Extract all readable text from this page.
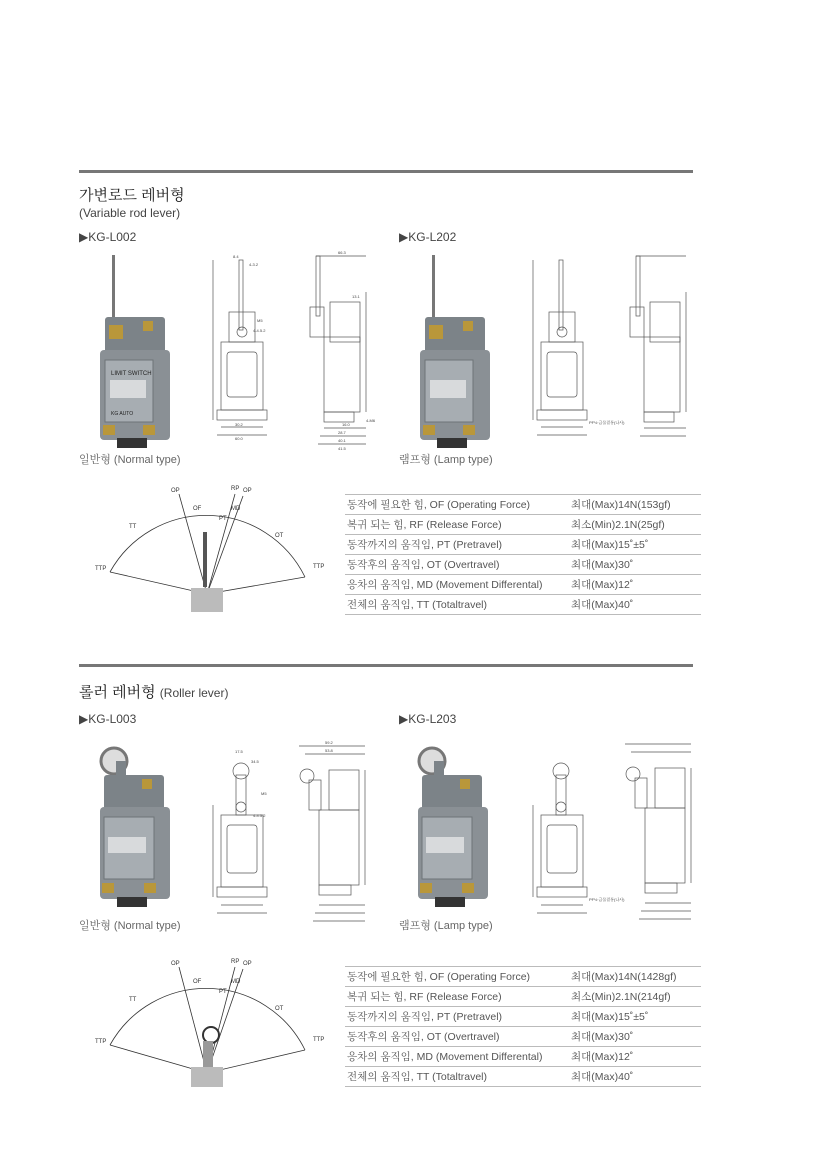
가변로드 레버형
(Variable rod lever)
▶KG-L002	▶KG-L202
LIMIT SWITCH
KG AUTO
일반형 (Normal type)
8.4
4-3.2
M5
4-4.5.2
30.2
60.0
66.3
13.1
16.0
28.7
40.1
41.5
4-M6
램프형 (Lamp type)
PF½ 금물결통(나사)
OP	RP OP
OF	MD
PT
TT
OT
TTP	TTP
동작에 필요한 힘, OF (Operating Force)	최대(Max)14N(153gf)
복귀 되는 힘, RF (Release Force)	최소(Min)2.1N(25gf)
동작까지의 움직임, PT (Pretravel)	최대(Max)15˚±5˚
동작후의 움직임, OT (Overtravel)	최대(Max)30˚
응차의 움직임, MD (Movement Differental)	최대(Max)12˚
전체의 움직임, TT (Totaltravel)	최대(Max)40˚
롤러 레버형 (Roller lever)
▶KG-L003	▶KG-L203
일반형 (Normal type)
17.5
34.5
M5
4-4.5.2
59.2
53.8
램프형 (Lamp type)
PF½ 금물결통(나사)
OP	RP OP
OF	MD
PT
TT
OT
TTP	TTP
동작에 필요한 힘, OF (Operating Force)	최대(Max)14N(1428gf)
복귀 되는 힘, RF (Release Force)	최소(Min)2.1N(214gf)
동작까지의 움직임, PT (Pretravel)	최대(Max)15˚±5˚
동작후의 움직임, OT (Overtravel)	최대(Max)30˚
응차의 움직임, MD (Movement Differental)	최대(Max)12˚
전체의 움직임, TT (Totaltravel)	최대(Max)40˚
